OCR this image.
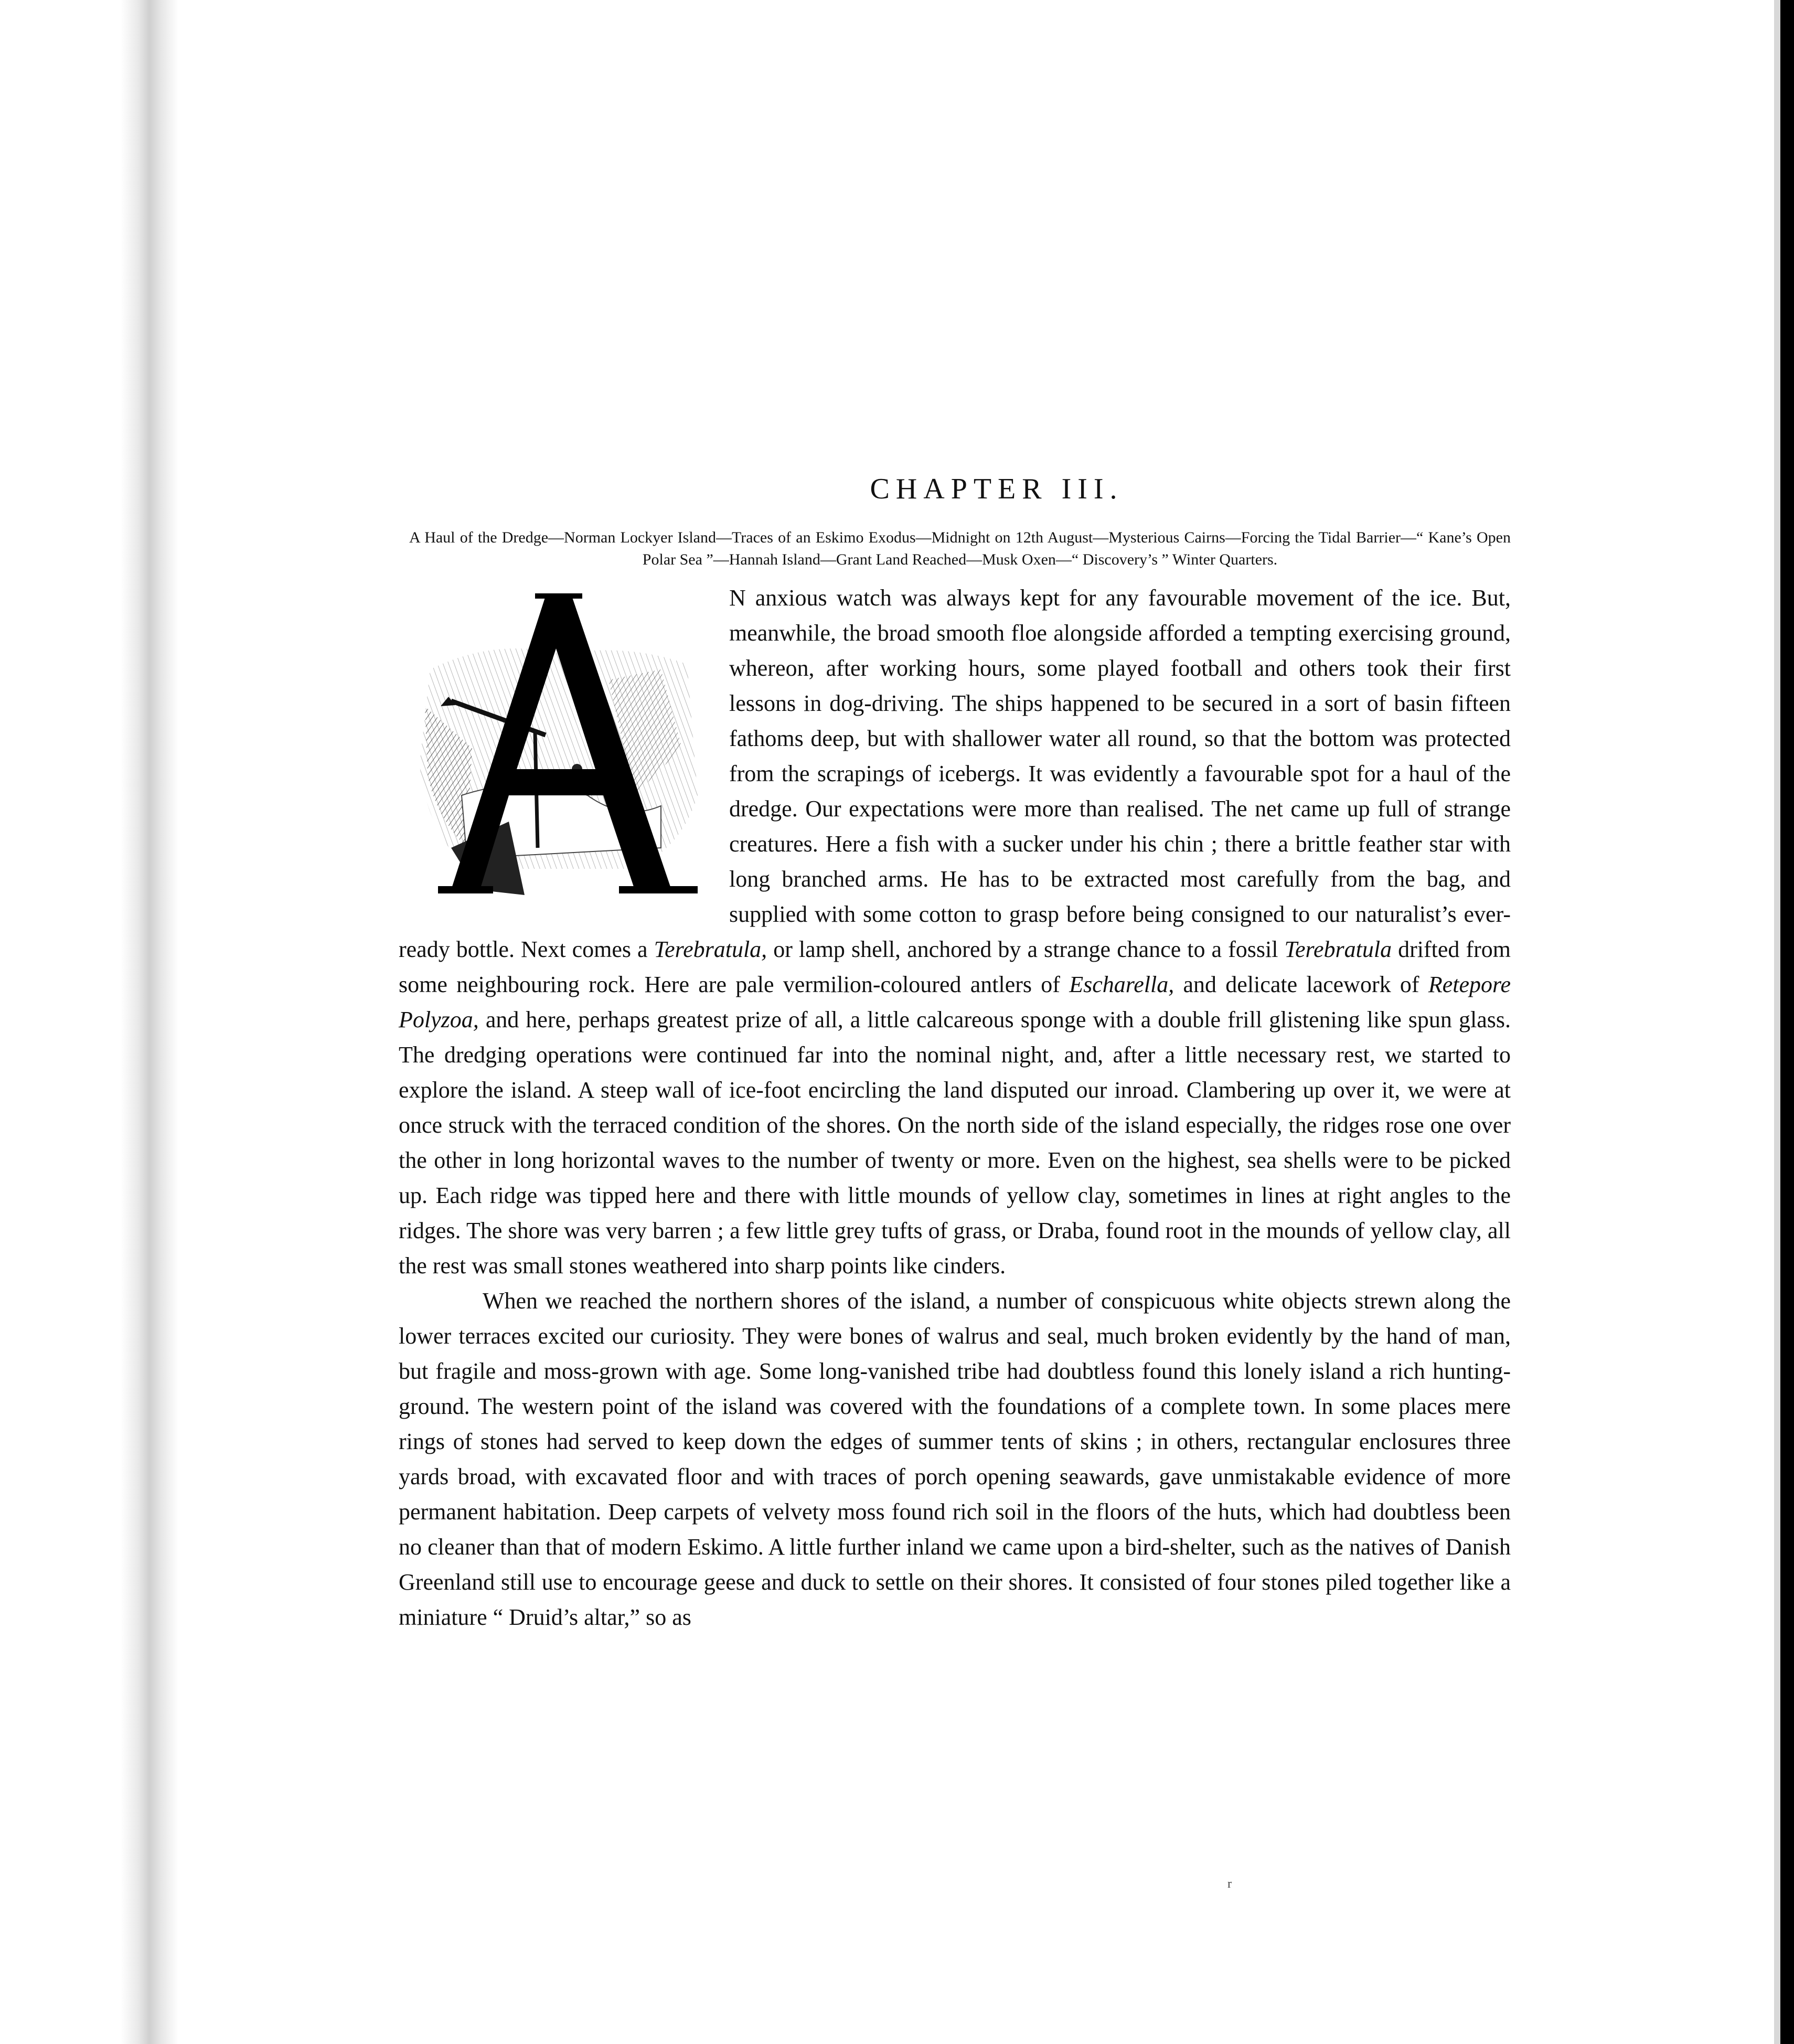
CHAPTER III.

A Haul of the Dredge—Norman Lockyer Island—Traces of an Eskimo Exodus—Midnight on 12th August—Mysterious Cairns—Forcing the Tidal Barrier—“ Kane’s Open Polar Sea ”—Hannah Island—Grant Land Reached—Musk Oxen—“ Discovery’s ” Winter Quarters.

N anxious watch was always kept for any favourable movement of the ice. But, meanwhile, the broad smooth floe alongside afforded a tempting exercising ground, whereon, after working hours, some played football and others took their first lessons in dog-driving. The ships happened to be secured in a sort of basin fifteen fathoms deep, but with shallower water all round, so that the bottom was protected from the scrapings of icebergs. It was evidently a favourable spot for a haul of the dredge. Our expectations were more than realised. The net came up full of strange creatures. Here a fish with a sucker under his chin ; there a brittle feather star with long branched arms. He has to be extracted most carefully from the bag, and supplied with some cotton to grasp before being consigned to our naturalist’s ever-ready bottle. Next comes a Terebratula, or lamp shell, anchored by a strange chance to a fossil Terebratula drifted from some neighbouring rock. Here are pale vermilion-coloured antlers of Escharella, and delicate lacework of Retepore Polyzoa, and here, perhaps greatest prize of all, a little calcareous sponge with a double frill glistening like spun glass. The dredging operations were continued far into the nominal night, and, after a little necessary rest, we started to explore the island. A steep wall of ice-foot encircling the land disputed our inroad. Clambering up over it, we were at once struck with the terraced condition of the shores. On the north side of the island especially, the ridges rose one over the other in long horizontal waves to the number of twenty or more. Even on the highest, sea shells were to be picked up. Each ridge was tipped here and there with little mounds of yellow clay, sometimes in lines at right angles to the ridges. The shore was very barren ; a few little grey tufts of grass, or Draba, found root in the mounds of yellow clay, all the rest was small stones weathered into sharp points like cinders.

When we reached the northern shores of the island, a number of conspicuous white objects strewn along the lower terraces excited our curiosity. They were bones of walrus and seal, much broken evidently by the hand of man, but fragile and moss-grown with age. Some long-vanished tribe had doubtless found this lonely island a rich hunting-ground. The western point of the island was covered with the foundations of a complete town. In some places mere rings of stones had served to keep down the edges of summer tents of skins ; in others, rectangular enclosures three yards broad, with excavated floor and with traces of porch opening seawards, gave unmistakable evidence of more permanent habitation. Deep carpets of velvety moss found rich soil in the floors of the huts, which had doubtless been no cleaner than that of modern Eskimo. A little further inland we came upon a bird-shelter, such as the natives of Danish Greenland still use to encourage geese and duck to settle on their shores. It consisted of four stones piled together like a miniature “ Druid’s altar,” so as

r
